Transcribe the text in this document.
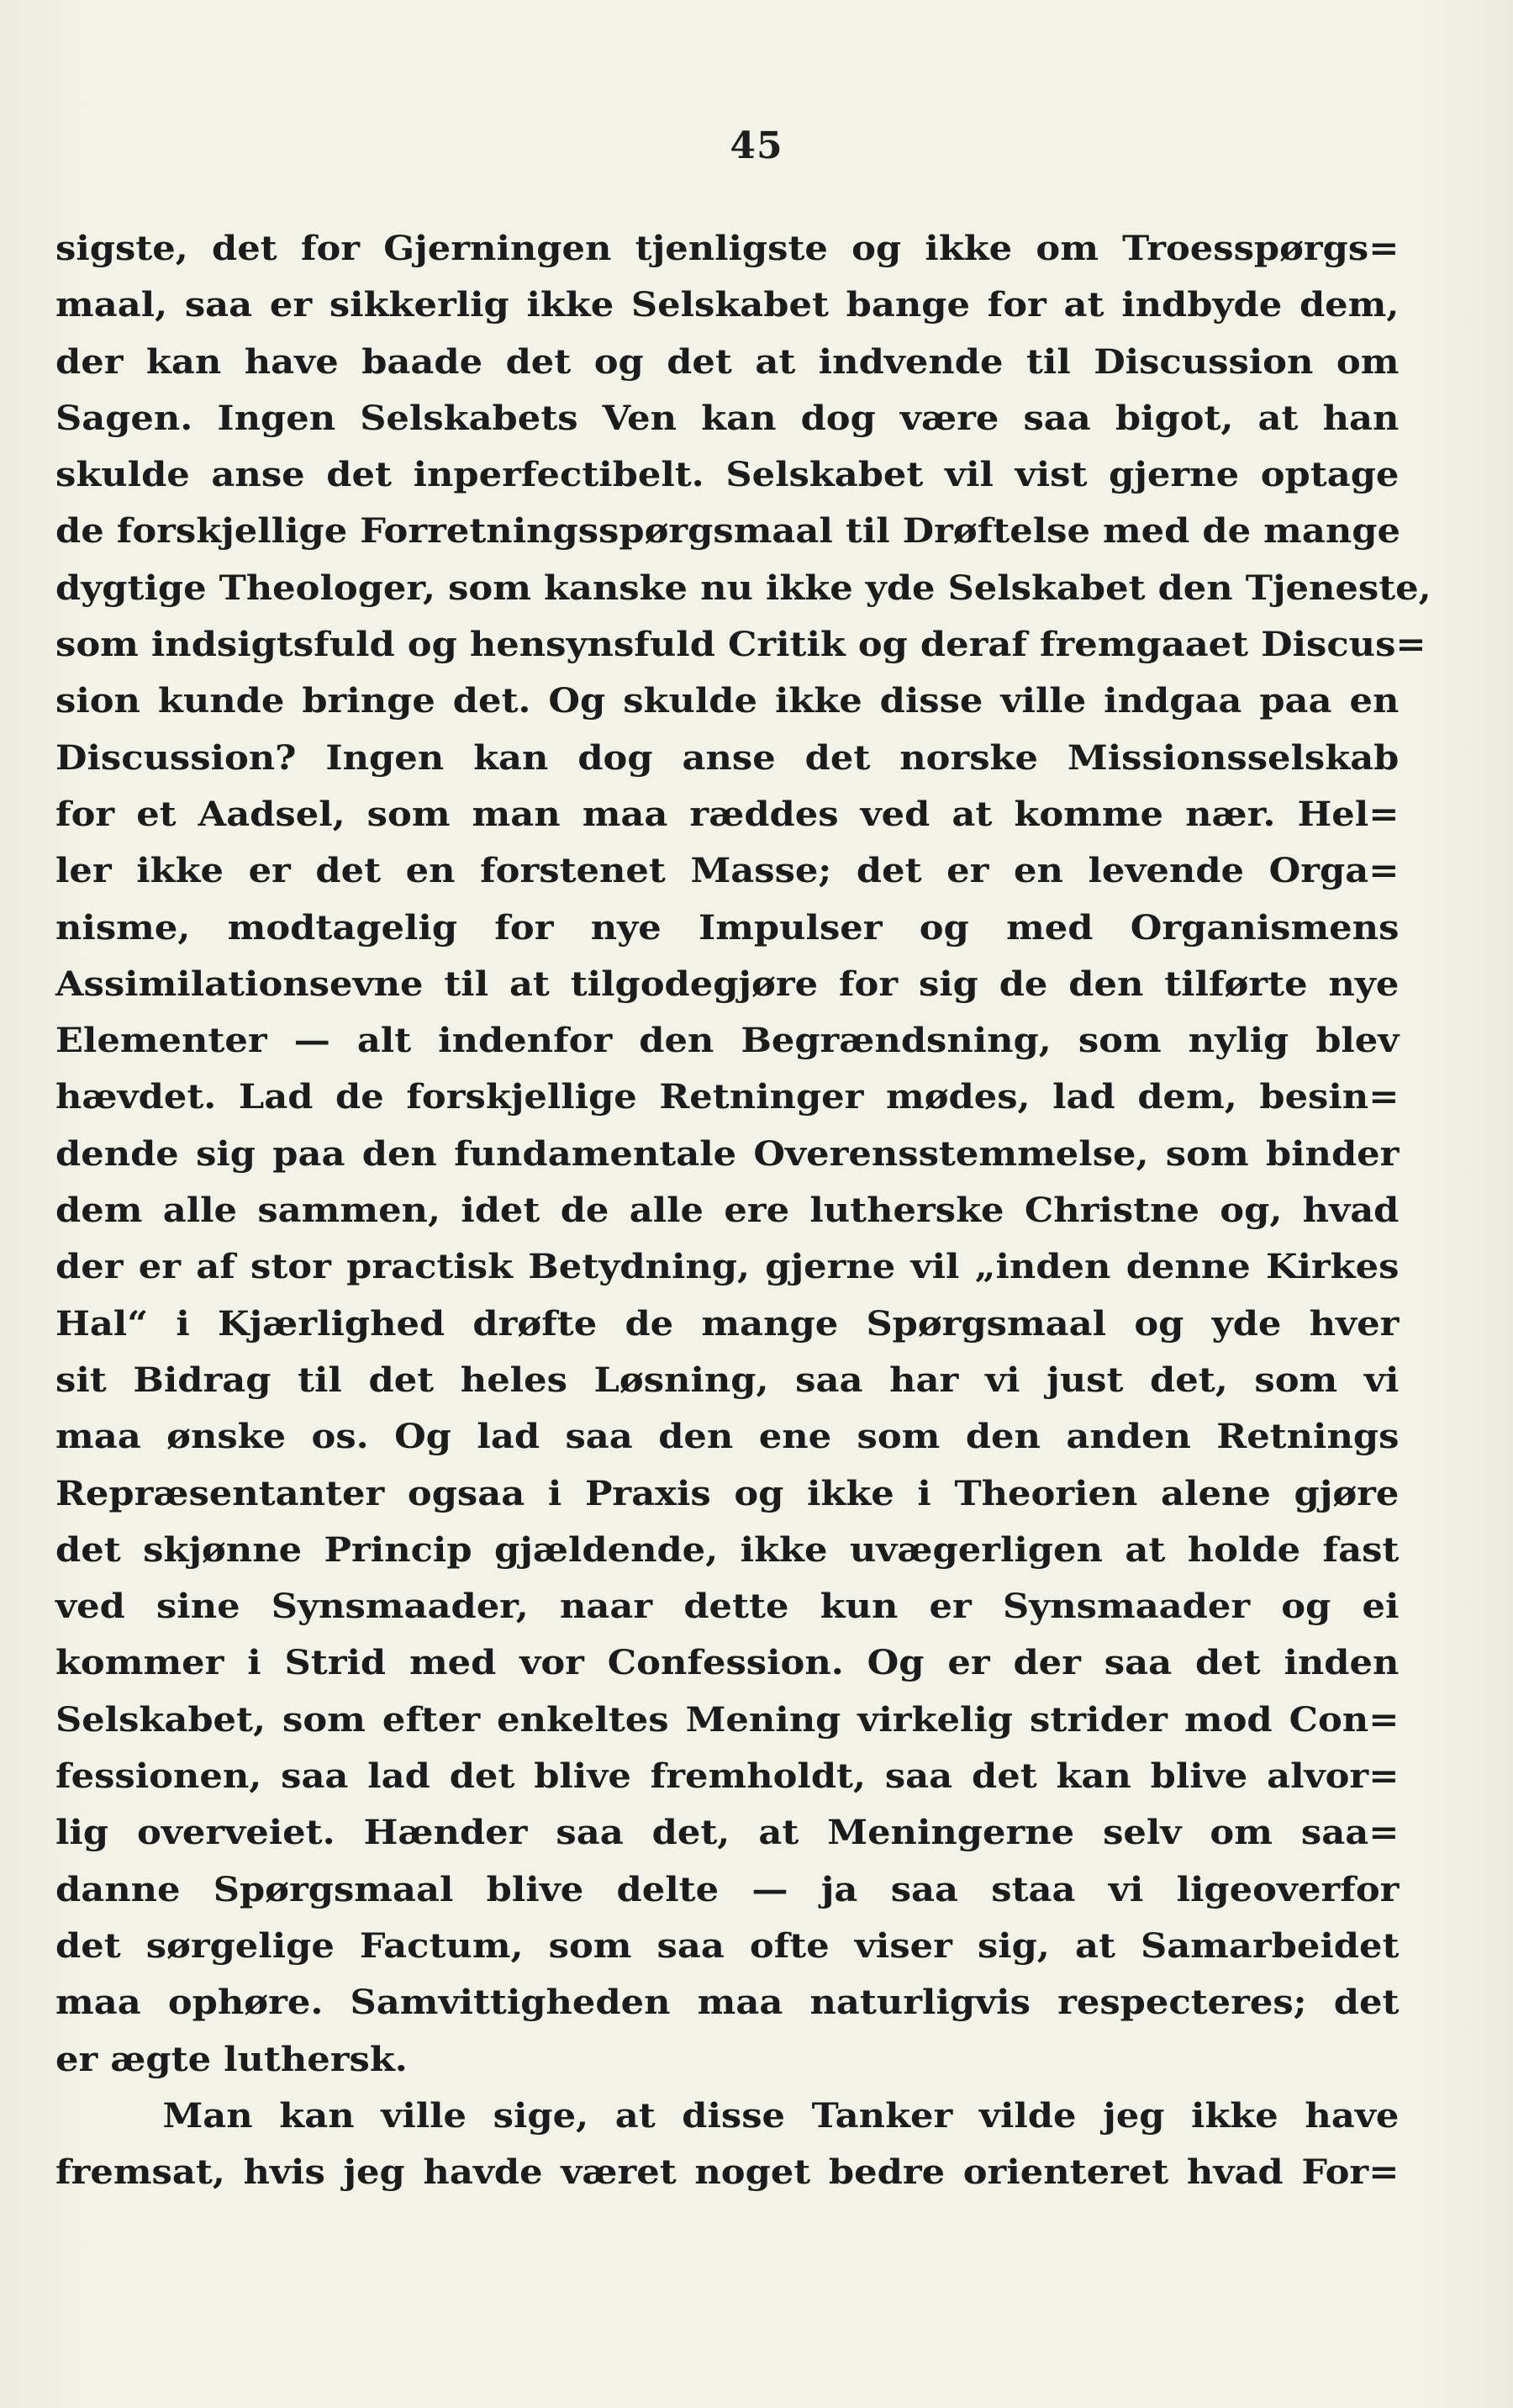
45
sigste, det for Gjerningen tjenligste og ikke om Troesspørgs=
maal, saa er sikkerlig ikke Selskabet bange for at indbyde dem,
der kan have baade det og det at indvende til Discussion om
Sagen. Ingen Selskabets Ven kan dog være saa bigot, at han
skulde anse det inperfectibelt. Selskabet vil vist gjerne optage
de forskjellige Forretningsspørgsmaal til Drøftelse med de mange
dygtige Theologer, som kanske nu ikke yde Selskabet den Tjeneste,
som indsigtsfuld og hensynsfuld Critik og deraf fremgaaet Discus=
sion kunde bringe det. Og skulde ikke disse ville indgaa paa en
Discussion? Ingen kan dog anse det norske Missionsselskab
for et Aadsel, som man maa ræddes ved at komme nær. Hel=
ler ikke er det en forstenet Masse; det er en levende Orga=
nisme, modtagelig for nye Impulser og med Organismens
Assimilationsevne til at tilgodegjøre for sig de den tilførte nye
Elementer — alt indenfor den Begrændsning, som nylig blev
hævdet. Lad de forskjellige Retninger mødes, lad dem, besin=
dende sig paa den fundamentale Overensstemmelse, som binder
dem alle sammen, idet de alle ere lutherske Christne og, hvad
der er af stor practisk Betydning, gjerne vil „inden denne Kirkes
Hal“ i Kjærlighed drøfte de mange Spørgsmaal og yde hver
sit Bidrag til det heles Løsning, saa har vi just det, som vi
maa ønske os. Og lad saa den ene som den anden Retnings
Repræsentanter ogsaa i Praxis og ikke i Theorien alene gjøre
det skjønne Princip gjældende, ikke uvægerligen at holde fast
ved sine Synsmaader, naar dette kun er Synsmaader og ei
kommer i Strid med vor Confession. Og er der saa det inden
Selskabet, som efter enkeltes Mening virkelig strider mod Con=
fessionen, saa lad det blive fremholdt, saa det kan blive alvor=
lig overveiet. Hænder saa det, at Meningerne selv om saa=
danne Spørgsmaal blive delte — ja saa staa vi ligeoverfor
det sørgelige Factum, som saa ofte viser sig, at Samarbeidet
maa ophøre. Samvittigheden maa naturligvis respecteres; det
er ægte luthersk.
Man kan ville sige, at disse Tanker vilde jeg ikke have
fremsat, hvis jeg havde været noget bedre orienteret hvad For=
